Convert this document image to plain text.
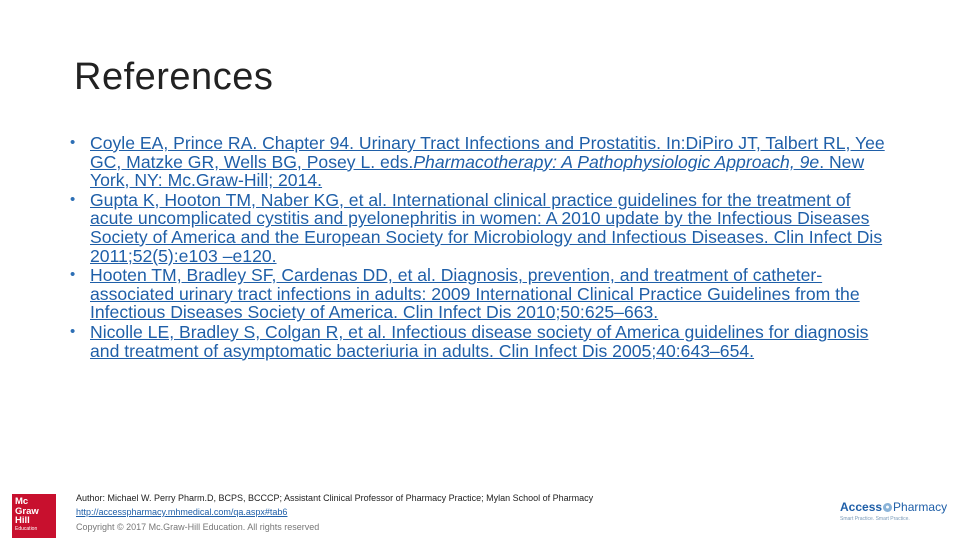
References
• Coyle EA, Prince RA. Chapter 94. Urinary Tract Infections and Prostatitis. In:DiPiro JT, Talbert RL, Yee GC, Matzke GR, Wells BG, Posey L. eds.Pharmacotherapy: A Pathophysiologic Approach, 9e. New York, NY: Mc.Graw-Hill; 2014.
• Gupta K, Hooton TM, Naber KG, et al. International clinical practice guidelines for the treatment of acute uncomplicated cystitis and pyelonephritis in women: A 2010 update by the Infectious Diseases Society of America and the European Society for Microbiology and Infectious Diseases. Clin Infect Dis 2011;52(5):e103 –e120.
• Hooten TM, Bradley SF, Cardenas DD, et al. Diagnosis, prevention, and treatment of catheter-associated urinary tract infections in adults: 2009 International Clinical Practice Guidelines from the Infectious Diseases Society of America. Clin Infect Dis 2010;50:625–663.
• Nicolle LE, Bradley S, Colgan R, et al. Infectious disease society of America guidelines for diagnosis and treatment of asymptomatic bacteriuria in adults. Clin Infect Dis 2005;40:643–654.
Mc
Graw
Hill
Education
Author: Michael W. Perry Pharm.D, BCPS, BCCCP; Assistant Clinical Professor of Pharmacy Practice; Mylan School of Pharmacy
http://accesspharmacy.mhmedical.com/qa.aspx#tab6
Copyright © 2017 Mc.Graw-Hill Education. All rights reserved
Access ● Pharmacy
Smart Practice. Smart Practice.
